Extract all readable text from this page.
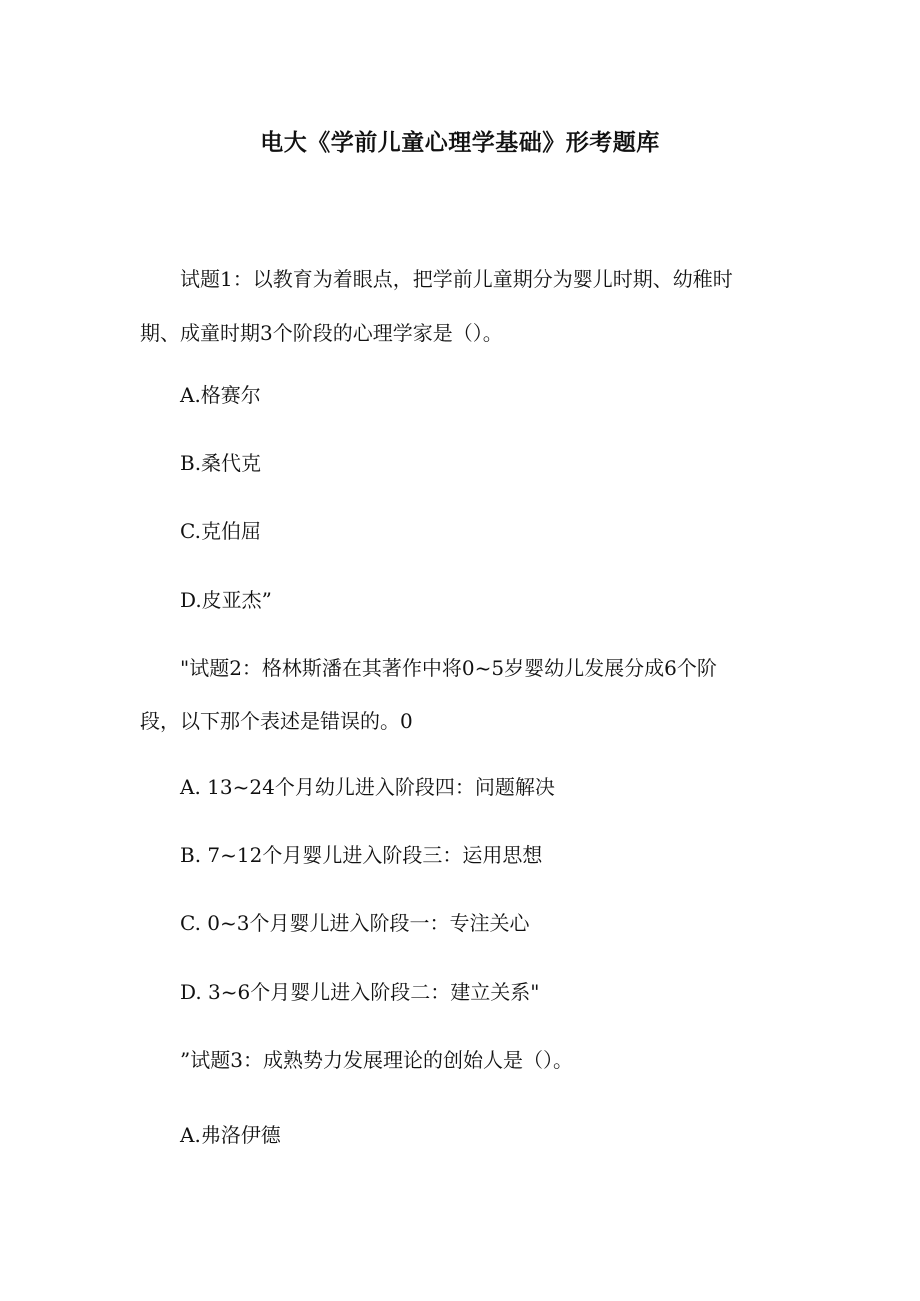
电大《学前儿童心理学基础》形考题库
试题1：以教育为着眼点，把学前儿童期分为婴儿时期、幼稚时
期、成童时期3个阶段的心理学家是（）。
A.格赛尔
B.桑代克
C.克伯屈
D.皮亚杰”
"试题2：格林斯潘在其著作中将0~5岁婴幼儿发展分成6个阶
段，以下那个表述是错误的。0
A. 13~24个月幼儿进入阶段四：问题解决
B. 7~12个月婴儿进入阶段三：运用思想
C. 0~3个月婴儿进入阶段一：专注关心
D. 3~6个月婴儿进入阶段二：建立关系"
”试题3：成熟势力发展理论的创始人是（）。
A.弗洛伊德
